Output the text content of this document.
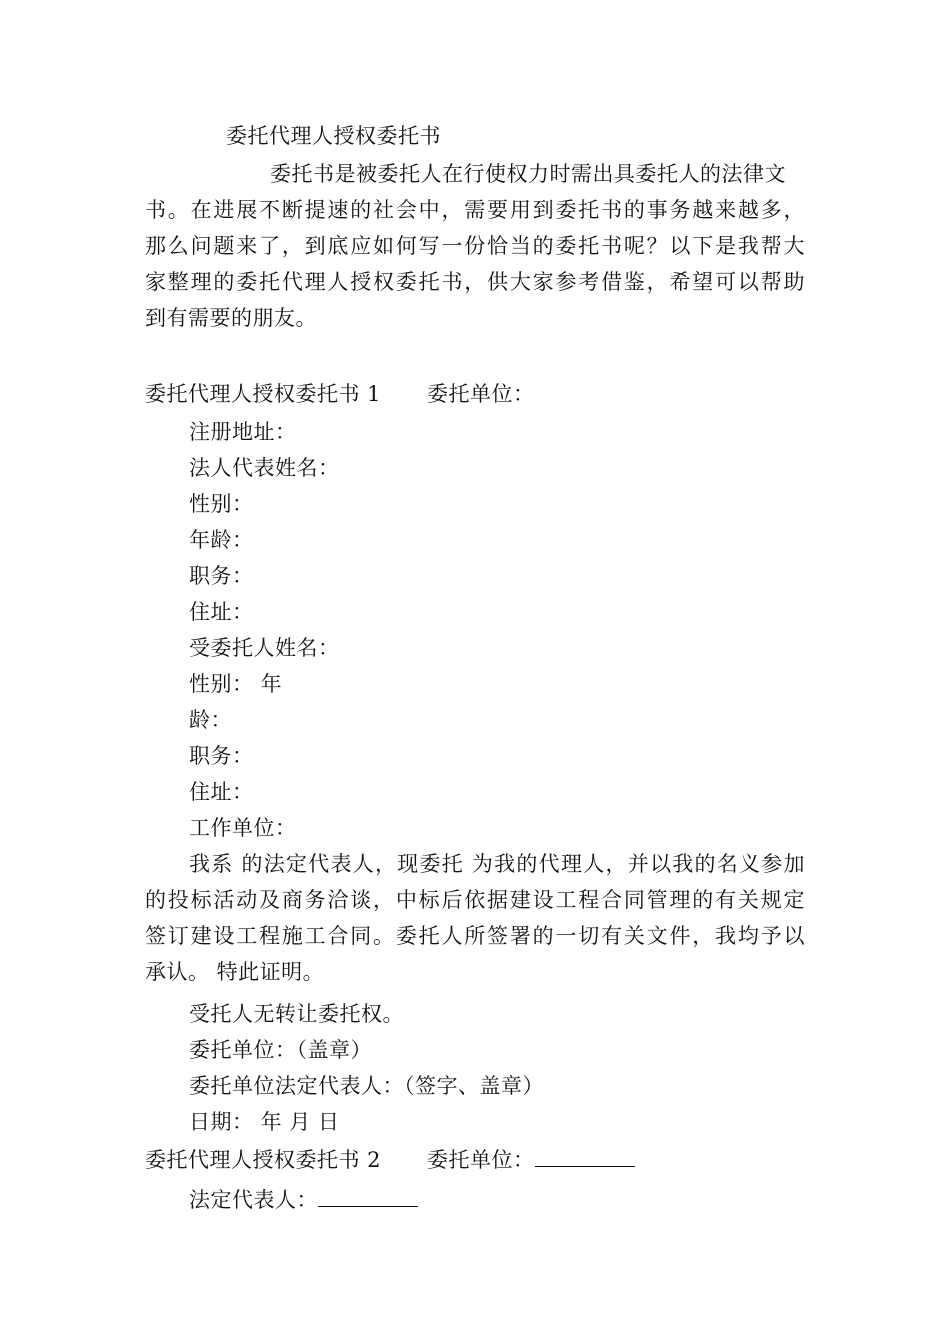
委托代理人授权委托书
委托书是被委托人在行使权力时需出具委托人的法律文
书。在进展不断提速的社会中，需要用到委托书的事务越来越多，
那么问题来了，到底应如何写一份恰当的委托书呢？以下是我帮大
家整理的委托代理人授权委托书，供大家参考借鉴，希望可以帮助
到有需要的朋友。
委托代理人授权委托书 1 委托单位：
注册地址：
法人代表姓名：
性别：
年龄：
职务：
住址：
受委托人姓名：
性别： 年
龄：
职务：
住址：
工作单位：
我系 的法定代表人，现委托 为我的代理人，并以我的名义参加
的投标活动及商务洽谈，中标后依据建设工程合同管理的有关规定
签订建设工程施工合同。委托人所签署的一切有关文件，我均予以
承认。 特此证明。
受托人无转让委托权。
委托单位：（盖章）
委托单位法定代表人：（签字、盖章）
日期： 年 月 日
委托代理人授权委托书 2 委托单位：
法定代表人：
